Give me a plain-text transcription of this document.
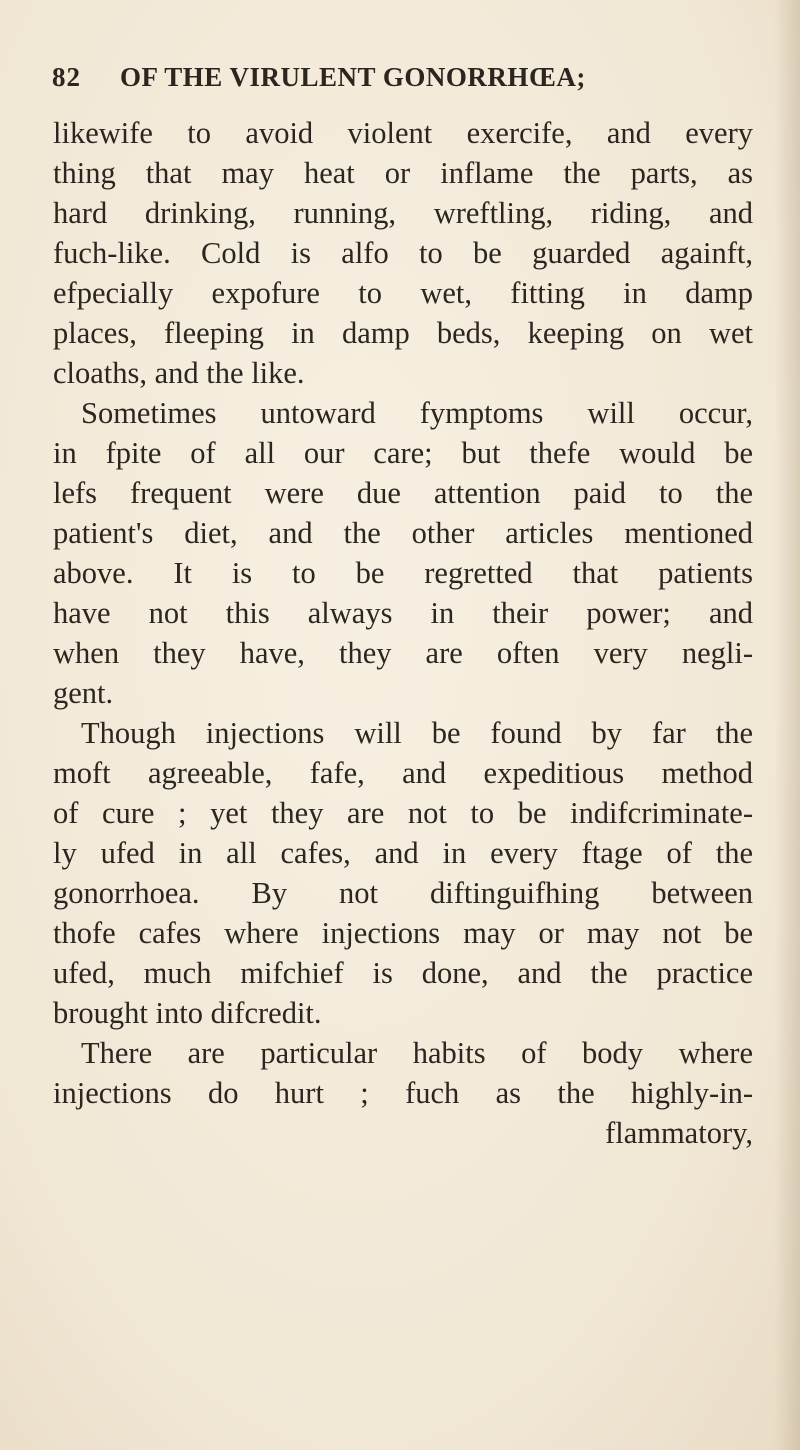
82 OF THE VIRULENT GONORRHŒA;
likewife to avoid violent exercife, and every
thing that may heat or inflame the parts, as
hard drinking, running, wreftling, riding, and
fuch-like. Cold is alfo to be guarded againft,
efpecially expofure to wet, fitting in damp
places, fleeping in damp beds, keeping on wet
cloaths, and the like.
Sometimes untoward fymptoms will occur,
in fpite of all our care; but thefe would be
lefs frequent were due attention paid to the
patient's diet, and the other articles mentioned
above. It is to be regretted that patients
have not this always in their power; and
when they have, they are often very negli-
gent.
Though injections will be found by far the
moft agreeable, fafe, and expeditious method
of cure ; yet they are not to be indifcriminate-
ly ufed in all cafes, and in every ftage of the
gonorrhoea. By not diftinguifhing between
thofe cafes where injections may or may not be
ufed, much mifchief is done, and the practice
brought into difcredit.
There are particular habits of body where
injections do hurt ; fuch as the highly-in-
flammatory,
